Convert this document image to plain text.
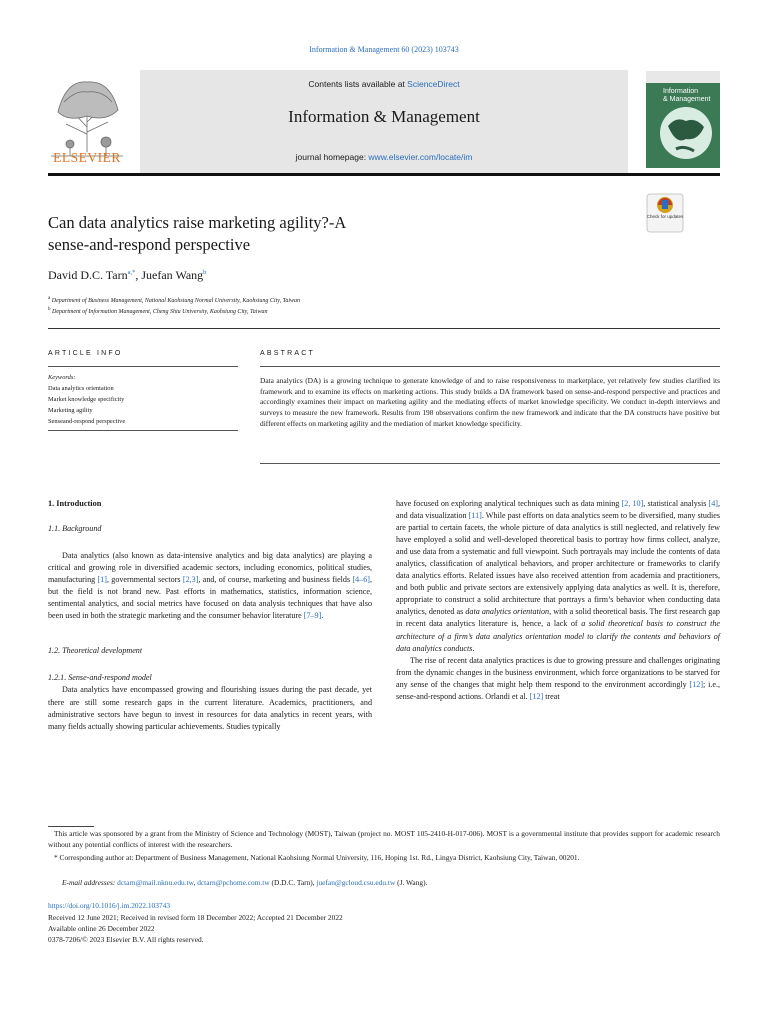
Information & Management 60 (2023) 103743
ELSEVIER
Contents lists available at ScienceDirect
Information & Management
journal homepage: www.elsevier.com/locate/im
Information
& Management
Can data analytics raise marketing agility?-A
sense-and-respond perspective
Check for updates
David D.C. Tarn$^{a,*}$, Juefan Wang$^b$
$^a$ Department of Business Management, National Kaohsiung Normal University, Kaohsiung City, Taiwan
$^b$ Department of Information Management, Cheng Shiu University, Kaohsiung City, Taiwan
ARTICLE INFO
Keywords:
Data analytics orientation
Market knowledge specificity
Marketing agility
Senseand-respond perspective
ABSTRACT
Data analytics (DA) is a growing technique to generate knowledge of and to raise responsiveness to marketplace, yet relatively few studies clarified its framework and to examine its effects on marketing actions. This study builds a DA framework based on sense-and-respond perspective and practices and accordingly examines their impact on marketing agility and the mediating effects of market knowledge specificity. We conduct in-depth interviews and surveys to measure the new framework. Results from 198 observations confirm the new framework and indicate that the DA constructs have positive but different effects on marketing agility and the mediation of market knowledge specificity.
1. Introduction
1.1. Background

Data analytics (also known as data-intensive analytics and big data analytics) are playing a critical and growing role in diversified academic sectors, including economics, political studies, manufacturing [1], governmental sectors [2,3], and, of course, marketing and business fields [4–6], but the field is not brand new. Past efforts in mathematics, statistics, information science, sentimental analytics, and social metrics have focused on data analysis techniques that have also been used in both the strategic marketing and the consumer behavior literature [7–9].

1.2. Theoretical development
1.2.1. Sense-and-respond model

Data analytics have encompassed growing and flourishing issues during the past decade, yet there are still some research gaps in the current literature. Academics, practitioners, and administrative sectors have begun to invest in resources for data analytics in recent years, with many fields actually showing particular achievements. Studies typically

have focused on exploring analytical techniques such as data mining [2, 10], statistical analysis [4], and data visualization [11]. While past efforts on data analytics seem to be diversified, many studies are partial to certain facets, the whole picture of data analytics is still neglected, and relatively few have employed a solid and well-developed theoretical basis to portray how firms collect, analyze, and use data from a systematic and full viewpoint. Such portrayals may include the contents of data analytics, classification of analytical behaviors, and proper architecture or frameworks to clarify data analytics efforts. Related issues have also received attention from academia and practitioners, and both public and private sectors are extensively applying data analytics as well. It is, therefore, appropriate to construct a solid architecture that portrays a firm’s behavior when conducting data analytics, denoted as data analytics orientation, with a solid theoretical basis. The first research gap in recent data analytics literature is, hence, a lack of a solid theoretical basis to construct the architecture of a firm’s data analytics orientation model to clarify the contents and behaviors of data analytics conducts.

The rise of recent data analytics practices is due to growing pressure and challenges originating from the dynamic changes in the business environment, which force organizations to be starved for any sense of the changes that might help them respond to the environment accordingly [12]; i.e., sense-and-respond actions. Orlandi et al. [12] treat

This article was sponsored by a grant from the Ministry of Science and Technology (MOST), Taiwan (project no. MOST 105-2410-H-017-006). MOST is a governmental institute that provides support for academic research without any potential conflicts of interest with the researchers.
* Corresponding author at: Department of Business Management, National Kaohsiung Normal University, 116, Hoping 1st. Rd., Lingya District, Kaohsiung City, Taiwan, 00201.
E-mail addresses: dctarn@mail.nknu.edu.tw, dctarn@pchome.com.tw (D.D.C. Tarn), juefan@gcloud.csu.edu.tw (J. Wang).
https://doi.org/10.1016/j.im.2022.103743
Received 12 June 2021; Received in revised form 18 December 2022; Accepted 21 December 2022
Available online 26 December 2022
0378-7206/© 2023 Elsevier B.V. All rights reserved.
